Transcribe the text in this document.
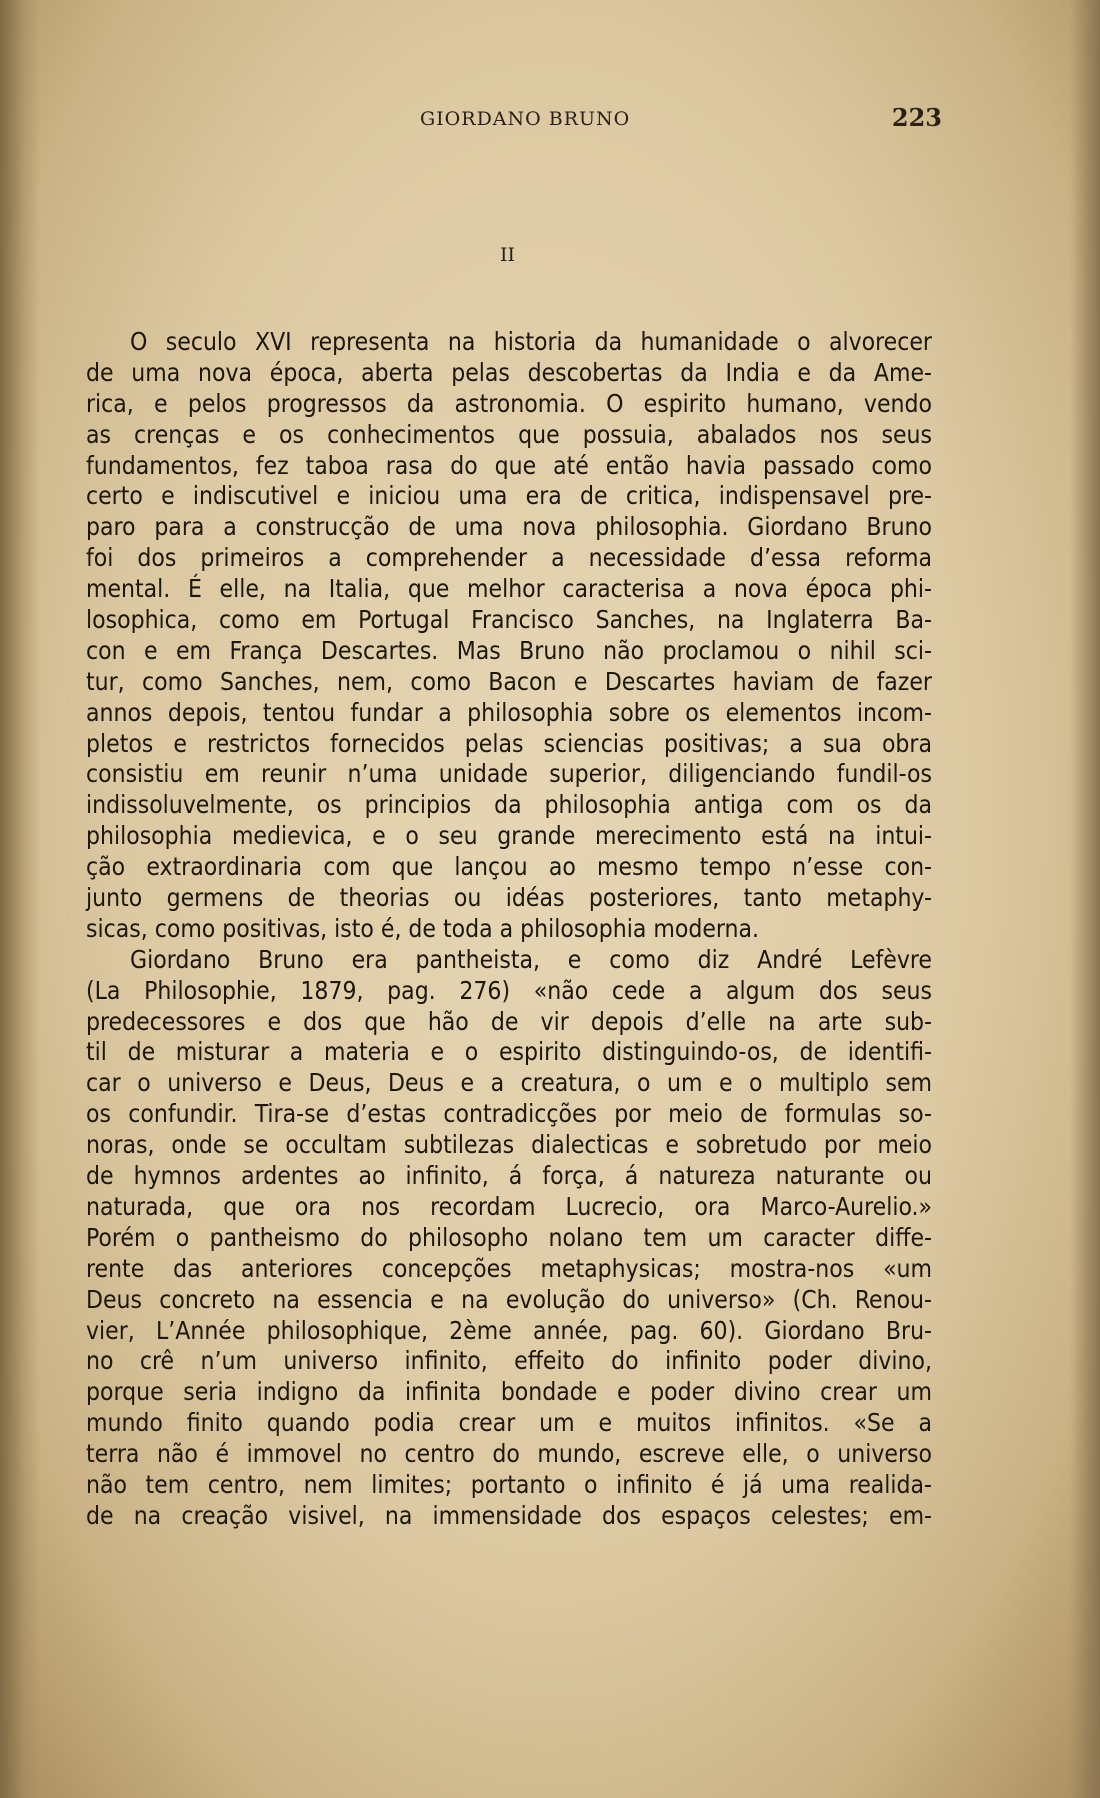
GIORDANO BRUNO	223
II
O seculo XVI representa na historia da humanidade o alvorecer
de uma nova época, aberta pelas descobertas da India e da Ame-
rica, e pelos progressos da astronomia. O espirito humano, vendo
as crenças e os conhecimentos que possuia, abalados nos seus
fundamentos, fez taboa rasa do que até então havia passado como
certo e indiscutivel e iniciou uma era de critica, indispensavel pre-
paro para a construcção de uma nova philosophia. Giordano Bruno
foi dos primeiros a comprehender a necessidade d’essa reforma
mental. É elle, na Italia, que melhor caracterisa a nova época phi-
losophica, como em Portugal Francisco Sanches, na Inglaterra Ba-
con e em França Descartes. Mas Bruno não proclamou o nihil sci-
tur, como Sanches, nem, como Bacon e Descartes haviam de fazer
annos depois, tentou fundar a philosophia sobre os elementos incom-
pletos e restrictos fornecidos pelas sciencias positivas; a sua obra
consistiu em reunir n’uma unidade superior, diligenciando fundil-os
indissoluvelmente, os principios da philosophia antiga com os da
philosophia medievica, e o seu grande merecimento está na intui-
ção extraordinaria com que lançou ao mesmo tempo n’esse con-
junto germens de theorias ou idéas posteriores, tanto metaphy-
sicas, como positivas, isto é, de toda a philosophia moderna.
Giordano Bruno era pantheista, e como diz André Lefèvre
(La Philosophie, 1879, pag. 276) «não cede a algum dos seus
predecessores e dos que hão de vir depois d’elle na arte sub-
til de misturar a materia e o espirito distinguindo-os, de identifi-
car o universo e Deus, Deus e a creatura, o um e o multiplo sem
os confundir. Tira-se d’estas contradicções por meio de formulas so-
noras, onde se occultam subtilezas dialecticas e sobretudo por meio
de hymnos ardentes ao infinito, á força, á natureza naturante ou
naturada, que ora nos recordam Lucrecio, ora Marco-Aurelio.»
Porém o pantheismo do philosopho nolano tem um caracter diffe-
rente das anteriores concepções metaphysicas; mostra-nos «um
Deus concreto na essencia e na evolução do universo» (Ch. Renou-
vier, L’Année philosophique, 2ème année, pag. 60). Giordano Bru-
no crê n’um universo infinito, effeito do infinito poder divino,
porque seria indigno da infinita bondade e poder divino crear um
mundo finito quando podia crear um e muitos infinitos. «Se a
terra não é immovel no centro do mundo, escreve elle, o universo
não tem centro, nem limites; portanto o infinito é já uma realida-
de na creação visivel, na immensidade dos espaços celestes; em-
